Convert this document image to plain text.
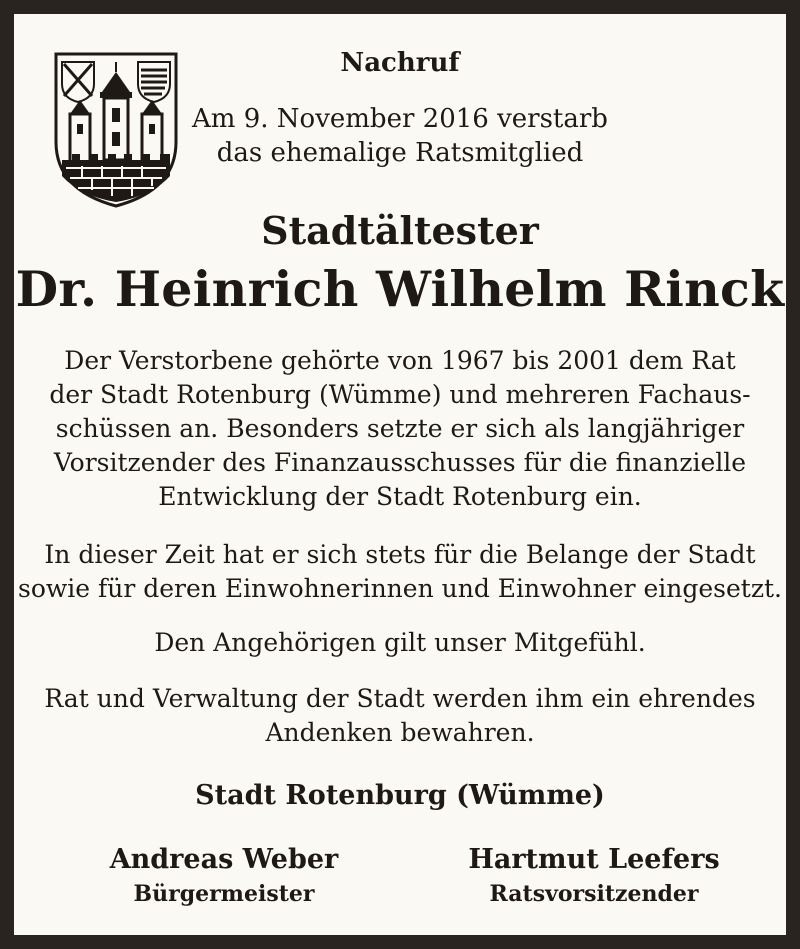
Nachruf
Am 9. November 2016 verstarb
das ehemalige Ratsmitglied
Stadtältester
Dr. Heinrich Wilhelm Rinck
Der Verstorbene gehörte von 1967 bis 2001 dem Rat
der Stadt Rotenburg (Wümme) und mehreren Fachaus-
schüssen an. Besonders setzte er sich als langjähriger
Vorsitzender des Finanzausschusses für die finanzielle
Entwicklung der Stadt Rotenburg ein.
In dieser Zeit hat er sich stets für die Belange der Stadt
sowie für deren Einwohnerinnen und Einwohner eingesetzt.
Den Angehörigen gilt unser Mitgefühl.
Rat und Verwaltung der Stadt werden ihm ein ehrendes
Andenken bewahren.
Stadt Rotenburg (Wümme)
Andreas Weber
Bürgermeister
Hartmut Leefers
Ratsvorsitzender
